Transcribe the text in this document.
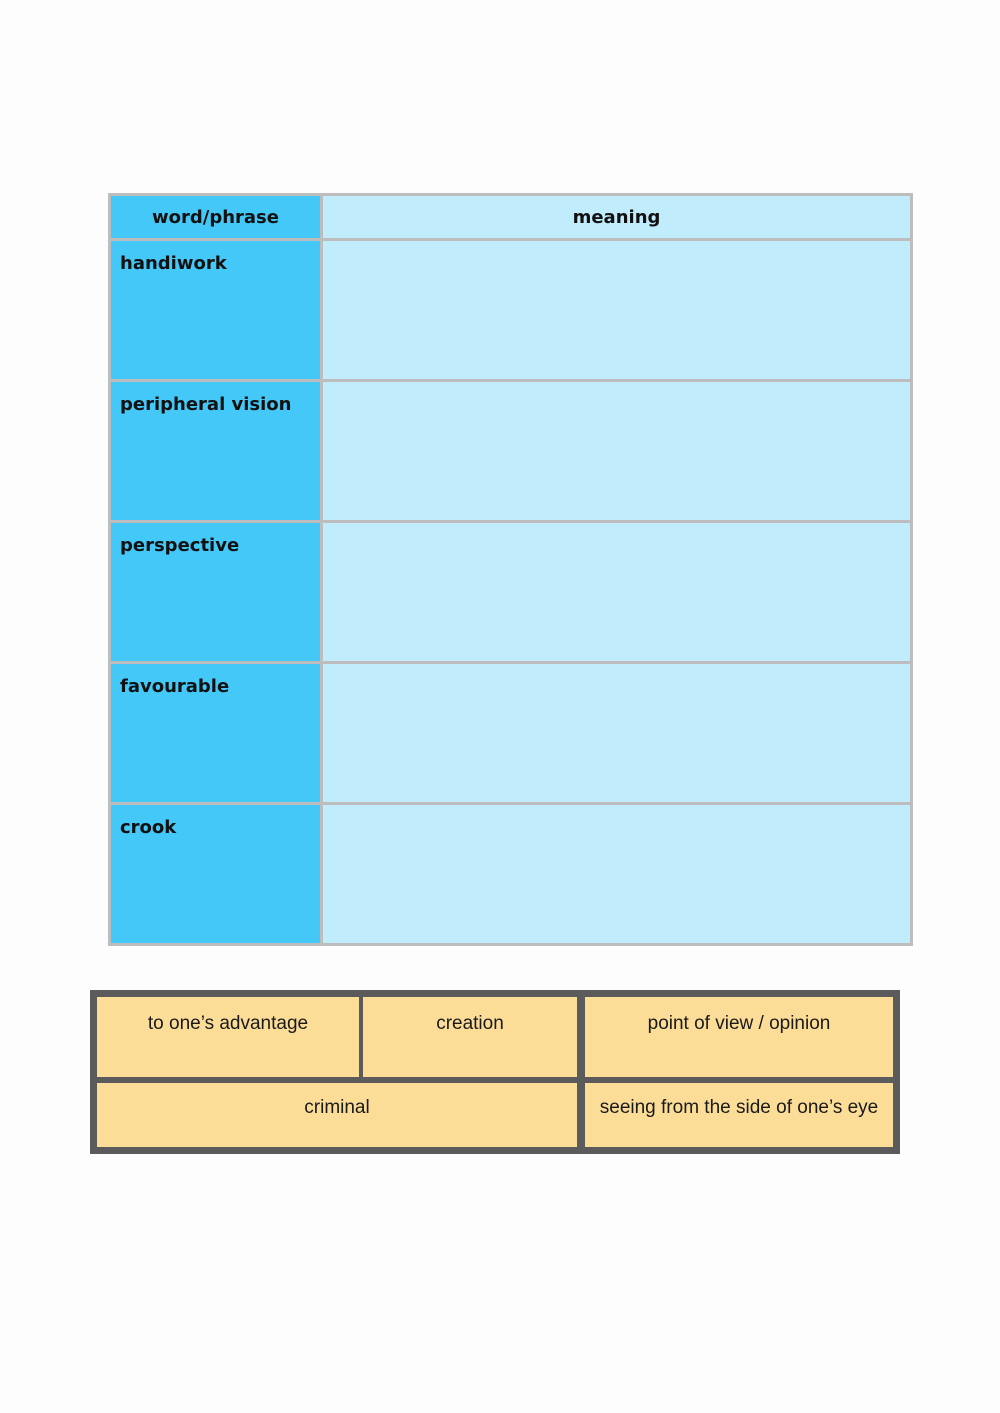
word/phrase	meaning
handiwork	
peripheral vision	
perspective	
favourable	
crook	
to one’s advantage	creation	point of view / opinion
criminal	seeing from the side of one’s eye
